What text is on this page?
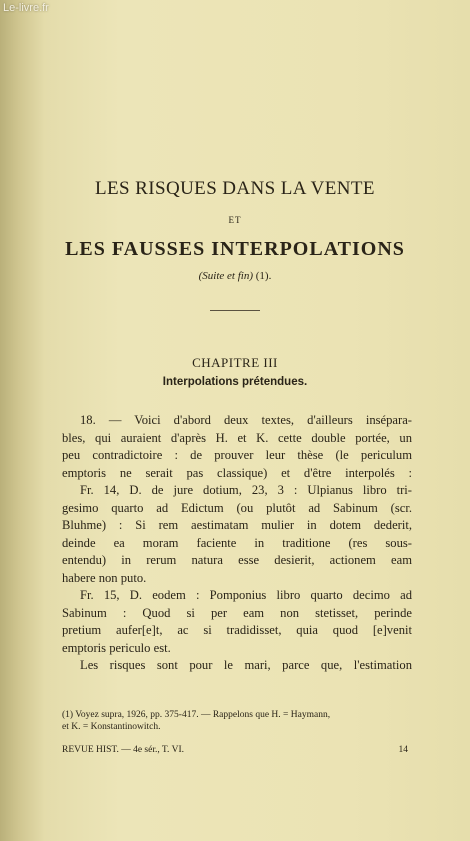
Le-livre.fr
LES RISQUES DANS LA VENTE
ET
LES FAUSSES INTERPOLATIONS
(Suite et fin) (1).
CHAPITRE III
Interpolations prétendues.
18. — Voici d'abord deux textes, d'ailleurs insépara-
bles, qui auraient d'après H. et K. cette double portée, un
peu contradictoire : de prouver leur thèse (le periculum
emptoris ne serait pas classique) et d'être interpolés :
Fr. 14, D. de jure dotium, 23, 3 : Ulpianus libro tri-
gesimo quarto ad Edictum (ou plutôt ad Sabinum (scr.
Bluhme) : Si rem aestimatam mulier in dotem dederit,
deinde ea moram faciente in traditione (res sous-
entendu) in rerum natura esse desierit, actionem eam
habere non puto.
Fr. 15, D. eodem : Pomponius libro quarto decimo ad
Sabinum : Quod si per eam non stetisset, perinde
pretium aufer[e]t, ac si tradidisset, quia quod [e]venit
emptoris periculo est.
Les risques sont pour le mari, parce que, l'estimation
(1) Voyez supra, 1926, pp. 375-417. — Rappelons que H. = Haymann,
et K. = Konstantinowitch.
REVUE HIST. — 4e sér., T. VI.	14
